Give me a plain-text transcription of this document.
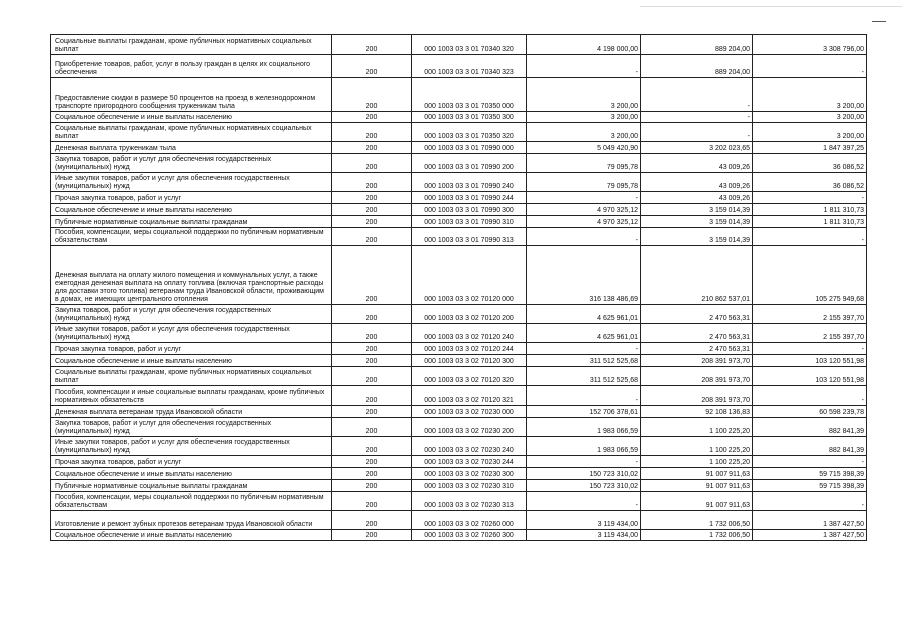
Социальные выплаты гражданам, кроме публичных нормативных социальных выплат	200	000 1003 03 3 01 70340 320	4 198 000,00	889 204,00	3 308 796,00
Приобретение товаров, работ, услуг в пользу граждан в целях их социального обеспечения	200	000 1003 03 3 01 70340 323	-	889 204,00	-
Предоставление скидки в размере 50 процентов на проезд в железнодорожном транспорте пригородного сообщения труженикам тыла	200	000 1003 03 3 01 70350 000	3 200,00	-	3 200,00
Социальное обеспечение и иные выплаты населению	200	000 1003 03 3 01 70350 300	3 200,00	-	3 200,00
Социальные выплаты гражданам, кроме публичных нормативных социальных выплат	200	000 1003 03 3 01 70350 320	3 200,00	-	3 200,00
Денежная выплата труженикам тыла	200	000 1003 03 3 01 70990 000	5 049 420,90	3 202 023,65	1 847 397,25
Закупка товаров, работ и услуг для обеспечения государственных (муниципальных) нужд	200	000 1003 03 3 01 70990 200	79 095,78	43 009,26	36 086,52
Иные закупки товаров, работ и услуг для обеспечения государственных (муниципальных) нужд	200	000 1003 03 3 01 70990 240	79 095,78	43 009,26	36 086,52
Прочая закупка товаров, работ и услуг	200	000 1003 03 3 01 70990 244	-	43 009,26	-
Социальное обеспечение и иные выплаты населению	200	000 1003 03 3 01 70990 300	4 970 325,12	3 159 014,39	1 811 310,73
Публичные нормативные социальные выплаты гражданам	200	000 1003 03 3 01 70990 310	4 970 325,12	3 159 014,39	1 811 310,73
Пособия, компенсации, меры социальной поддержки по публичным нормативным обязательствам	200	000 1003 03 3 01 70990 313	-	3 159 014,39	-
Денежная выплата на оплату жилого помещения и коммунальных услуг, а также ежегодная денежная выплата на оплату топлива (включая транспортные расходы для доставки этого топлива) ветеранам труда Ивановской области, проживающим в домах, не имеющих центрального отопления	200	000 1003 03 3 02 70120 000	316 138 486,69	210 862 537,01	105 275 949,68
Закупка товаров, работ и услуг для обеспечения государственных (муниципальных) нужд	200	000 1003 03 3 02 70120 200	4 625 961,01	2 470 563,31	2 155 397,70
Иные закупки товаров, работ и услуг для обеспечения государственных (муниципальных) нужд	200	000 1003 03 3 02 70120 240	4 625 961,01	2 470 563,31	2 155 397,70
Прочая закупка товаров, работ и услуг	200	000 1003 03 3 02 70120 244	-	2 470 563,31	-
Социальное обеспечение и иные выплаты населению	200	000 1003 03 3 02 70120 300	311 512 525,68	208 391 973,70	103 120 551,98
Социальные выплаты гражданам, кроме публичных нормативных социальных выплат	200	000 1003 03 3 02 70120 320	311 512 525,68	208 391 973,70	103 120 551,98
Пособия, компенсации и иные социальные выплаты гражданам, кроме публичных нормативных обязательств	200	000 1003 03 3 02 70120 321	-	208 391 973,70	-
Денежная выплата ветеранам труда Ивановской области	200	000 1003 03 3 02 70230 000	152 706 378,61	92 108 136,83	60 598 239,78
Закупка товаров, работ и услуг для обеспечения государственных (муниципальных) нужд	200	000 1003 03 3 02 70230 200	1 983 066,59	1 100 225,20	882 841,39
Иные закупки товаров, работ и услуг для обеспечения государственных (муниципальных) нужд	200	000 1003 03 3 02 70230 240	1 983 066,59	1 100 225,20	882 841,39
Прочая закупка товаров, работ и услуг	200	000 1003 03 3 02 70230 244	-	1 100 225,20	-
Социальное обеспечение и иные выплаты населению	200	000 1003 03 3 02 70230 300	150 723 310,02	91 007 911,63	59 715 398,39
Публичные нормативные социальные выплаты гражданам	200	000 1003 03 3 02 70230 310	150 723 310,02	91 007 911,63	59 715 398,39
Пособия, компенсации, меры социальной поддержки по публичным нормативным обязательствам	200	000 1003 03 3 02 70230 313	-	91 007 911,63	-
Изготовление и ремонт зубных протезов ветеранам труда Ивановской области	200	000 1003 03 3 02 70260 000	3 119 434,00	1 732 006,50	1 387 427,50
Социальное обеспечение и иные выплаты населению	200	000 1003 03 3 02 70260 300	3 119 434,00	1 732 006,50	1 387 427,50
